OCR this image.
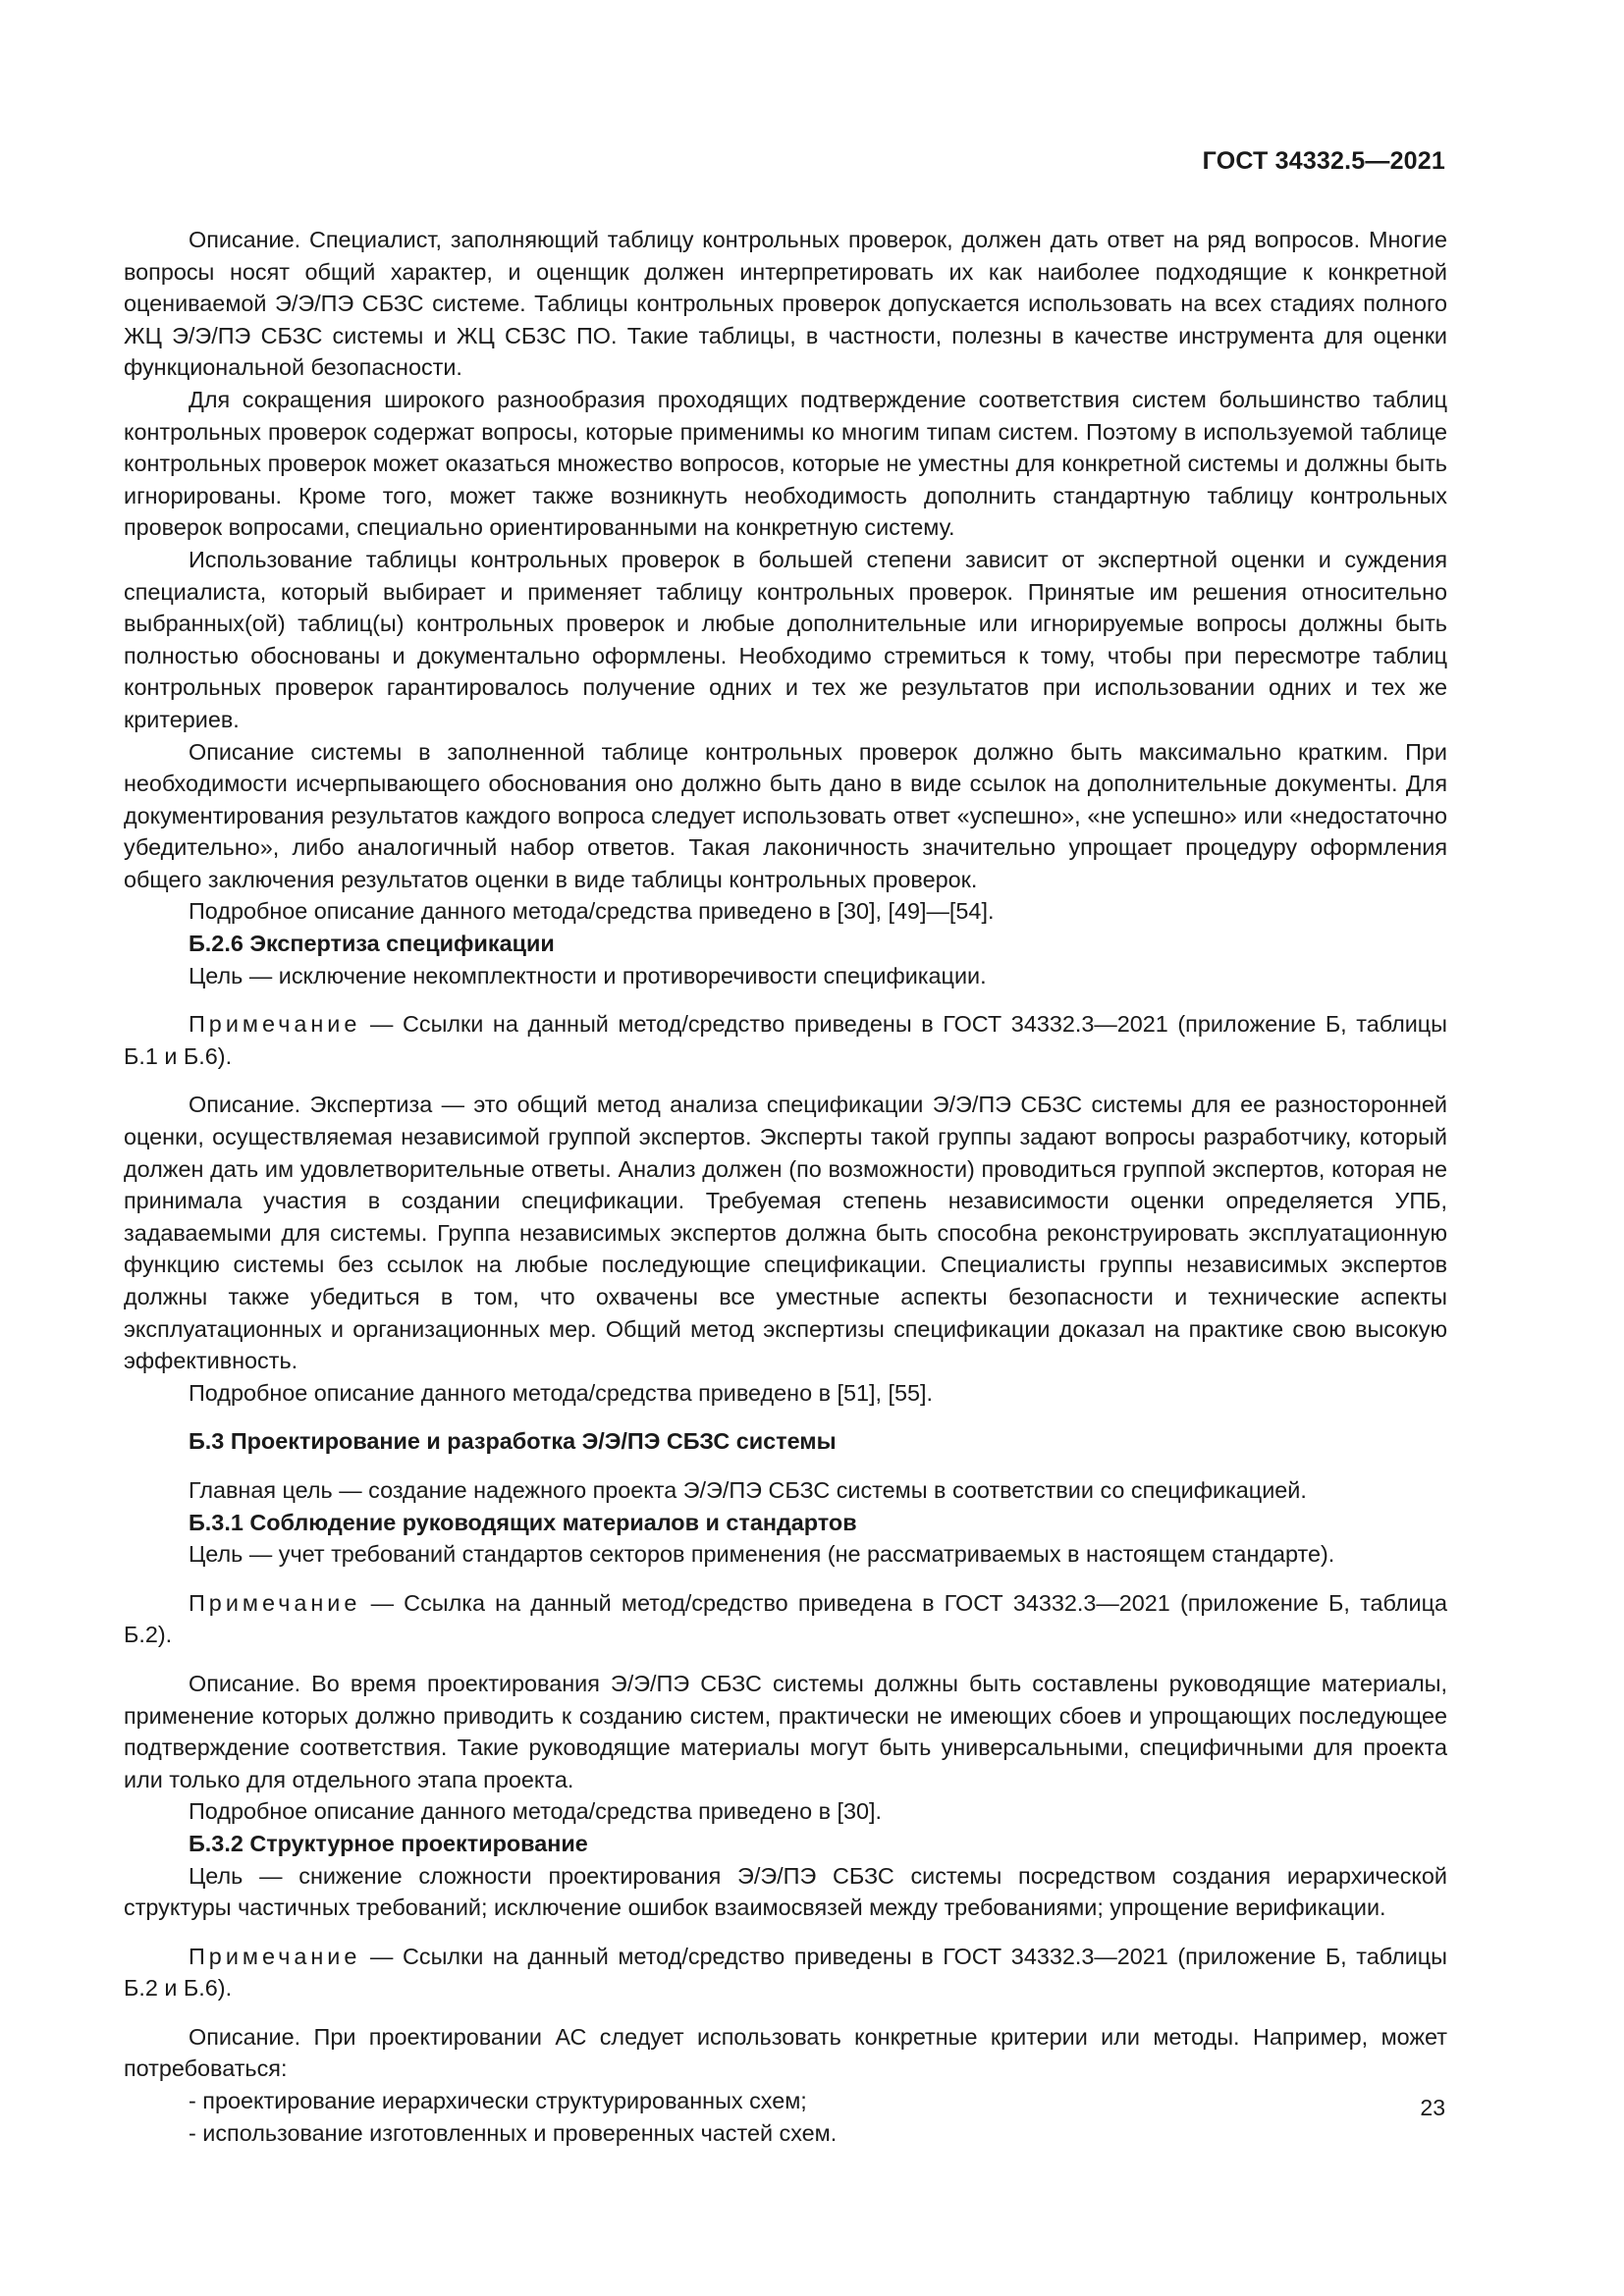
ГОСТ 34332.5—2021

Описание. Специалист, заполняющий таблицу контрольных проверок, должен дать ответ на ряд вопросов. Многие вопросы носят общий характер, и оценщик должен интерпретировать их как наиболее подходящие к конкретной оцениваемой Э/Э/ПЭ СБЗС системе. Таблицы контрольных проверок допускается использовать на всех стадиях полного ЖЦ Э/Э/ПЭ СБЗС системы и ЖЦ СБЗС ПО. Такие таблицы, в частности, полезны в качестве инструмента для оценки функциональной безопасности.

Для сокращения широкого разнообразия проходящих подтверждение соответствия систем большинство таблиц контрольных проверок содержат вопросы, которые применимы ко многим типам систем. Поэтому в используемой таблице контрольных проверок может оказаться множество вопросов, которые не уместны для конкретной системы и должны быть игнорированы. Кроме того, может также возникнуть необходимость дополнить стандартную таблицу контрольных проверок вопросами, специально ориентированными на конкретную систему.

Использование таблицы контрольных проверок в большей степени зависит от экспертной оценки и суждения специалиста, который выбирает и применяет таблицу контрольных проверок. Принятые им решения относительно выбранных(ой) таблиц(ы) контрольных проверок и любые дополнительные или игнорируемые вопросы должны быть полностью обоснованы и документально оформлены. Необходимо стремиться к тому, чтобы при пересмотре таблиц контрольных проверок гарантировалось получение одних и тех же результатов при использовании одних и тех же критериев.

Описание системы в заполненной таблице контрольных проверок должно быть максимально кратким. При необходимости исчерпывающего обоснования оно должно быть дано в виде ссылок на дополнительные документы. Для документирования результатов каждого вопроса следует использовать ответ «успешно», «не успешно» или «недостаточно убедительно», либо аналогичный набор ответов. Такая лаконичность значительно упрощает процедуру оформления общего заключения результатов оценки в виде таблицы контрольных проверок.

Подробное описание данного метода/средства приведено в [30], [49]—[54].

Б.2.6 Экспертиза спецификации

Цель — исключение некомплектности и противоречивости спецификации.

Примечание — Ссылки на данный метод/средство приведены в ГОСТ 34332.3—2021 (приложение Б, таблицы Б.1 и Б.6).

Описание. Экспертиза — это общий метод анализа спецификации Э/Э/ПЭ СБЗС системы для ее разносторонней оценки, осуществляемая независимой группой экспертов. Эксперты такой группы задают вопросы разработчику, который должен дать им удовлетворительные ответы. Анализ должен (по возможности) проводиться группой экспертов, которая не принимала участия в создании спецификации. Требуемая степень независимости оценки определяется УПБ, задаваемыми для системы. Группа независимых экспертов должна быть способна реконструировать эксплуатационную функцию системы без ссылок на любые последующие спецификации. Специалисты группы независимых экспертов должны также убедиться в том, что охвачены все уместные аспекты безопасности и технические аспекты эксплуатационных и организационных мер. Общий метод экспертизы спецификации доказал на практике свою высокую эффективность.

Подробное описание данного метода/средства приведено в [51], [55].

Б.3 Проектирование и разработка Э/Э/ПЭ СБЗС системы

Главная цель — создание надежного проекта Э/Э/ПЭ СБЗС системы в соответствии со спецификацией.

Б.3.1 Соблюдение руководящих материалов и стандартов

Цель — учет требований стандартов секторов применения (не рассматриваемых в настоящем стандарте).

Примечание — Ссылка на данный метод/средство приведена в ГОСТ 34332.3—2021 (приложение Б, таблица Б.2).

Описание. Во время проектирования Э/Э/ПЭ СБЗС системы должны быть составлены руководящие материалы, применение которых должно приводить к созданию систем, практически не имеющих сбоев и упрощающих последующее подтверждение соответствия. Такие руководящие материалы могут быть универсальными, специфичными для проекта или только для отдельного этапа проекта.

Подробное описание данного метода/средства приведено в [30].

Б.3.2 Структурное проектирование

Цель — снижение сложности проектирования Э/Э/ПЭ СБЗС системы посредством создания иерархической структуры частичных требований; исключение ошибок взаимосвязей между требованиями; упрощение верификации.

Примечание — Ссылки на данный метод/средство приведены в ГОСТ 34332.3—2021 (приложение Б, таблицы Б.2 и Б.6).

Описание. При проектировании АС следует использовать конкретные критерии или методы. Например, может потребоваться:

- проектирование иерархически структурированных схем;

- использование изготовленных и проверенных частей схем.

23
